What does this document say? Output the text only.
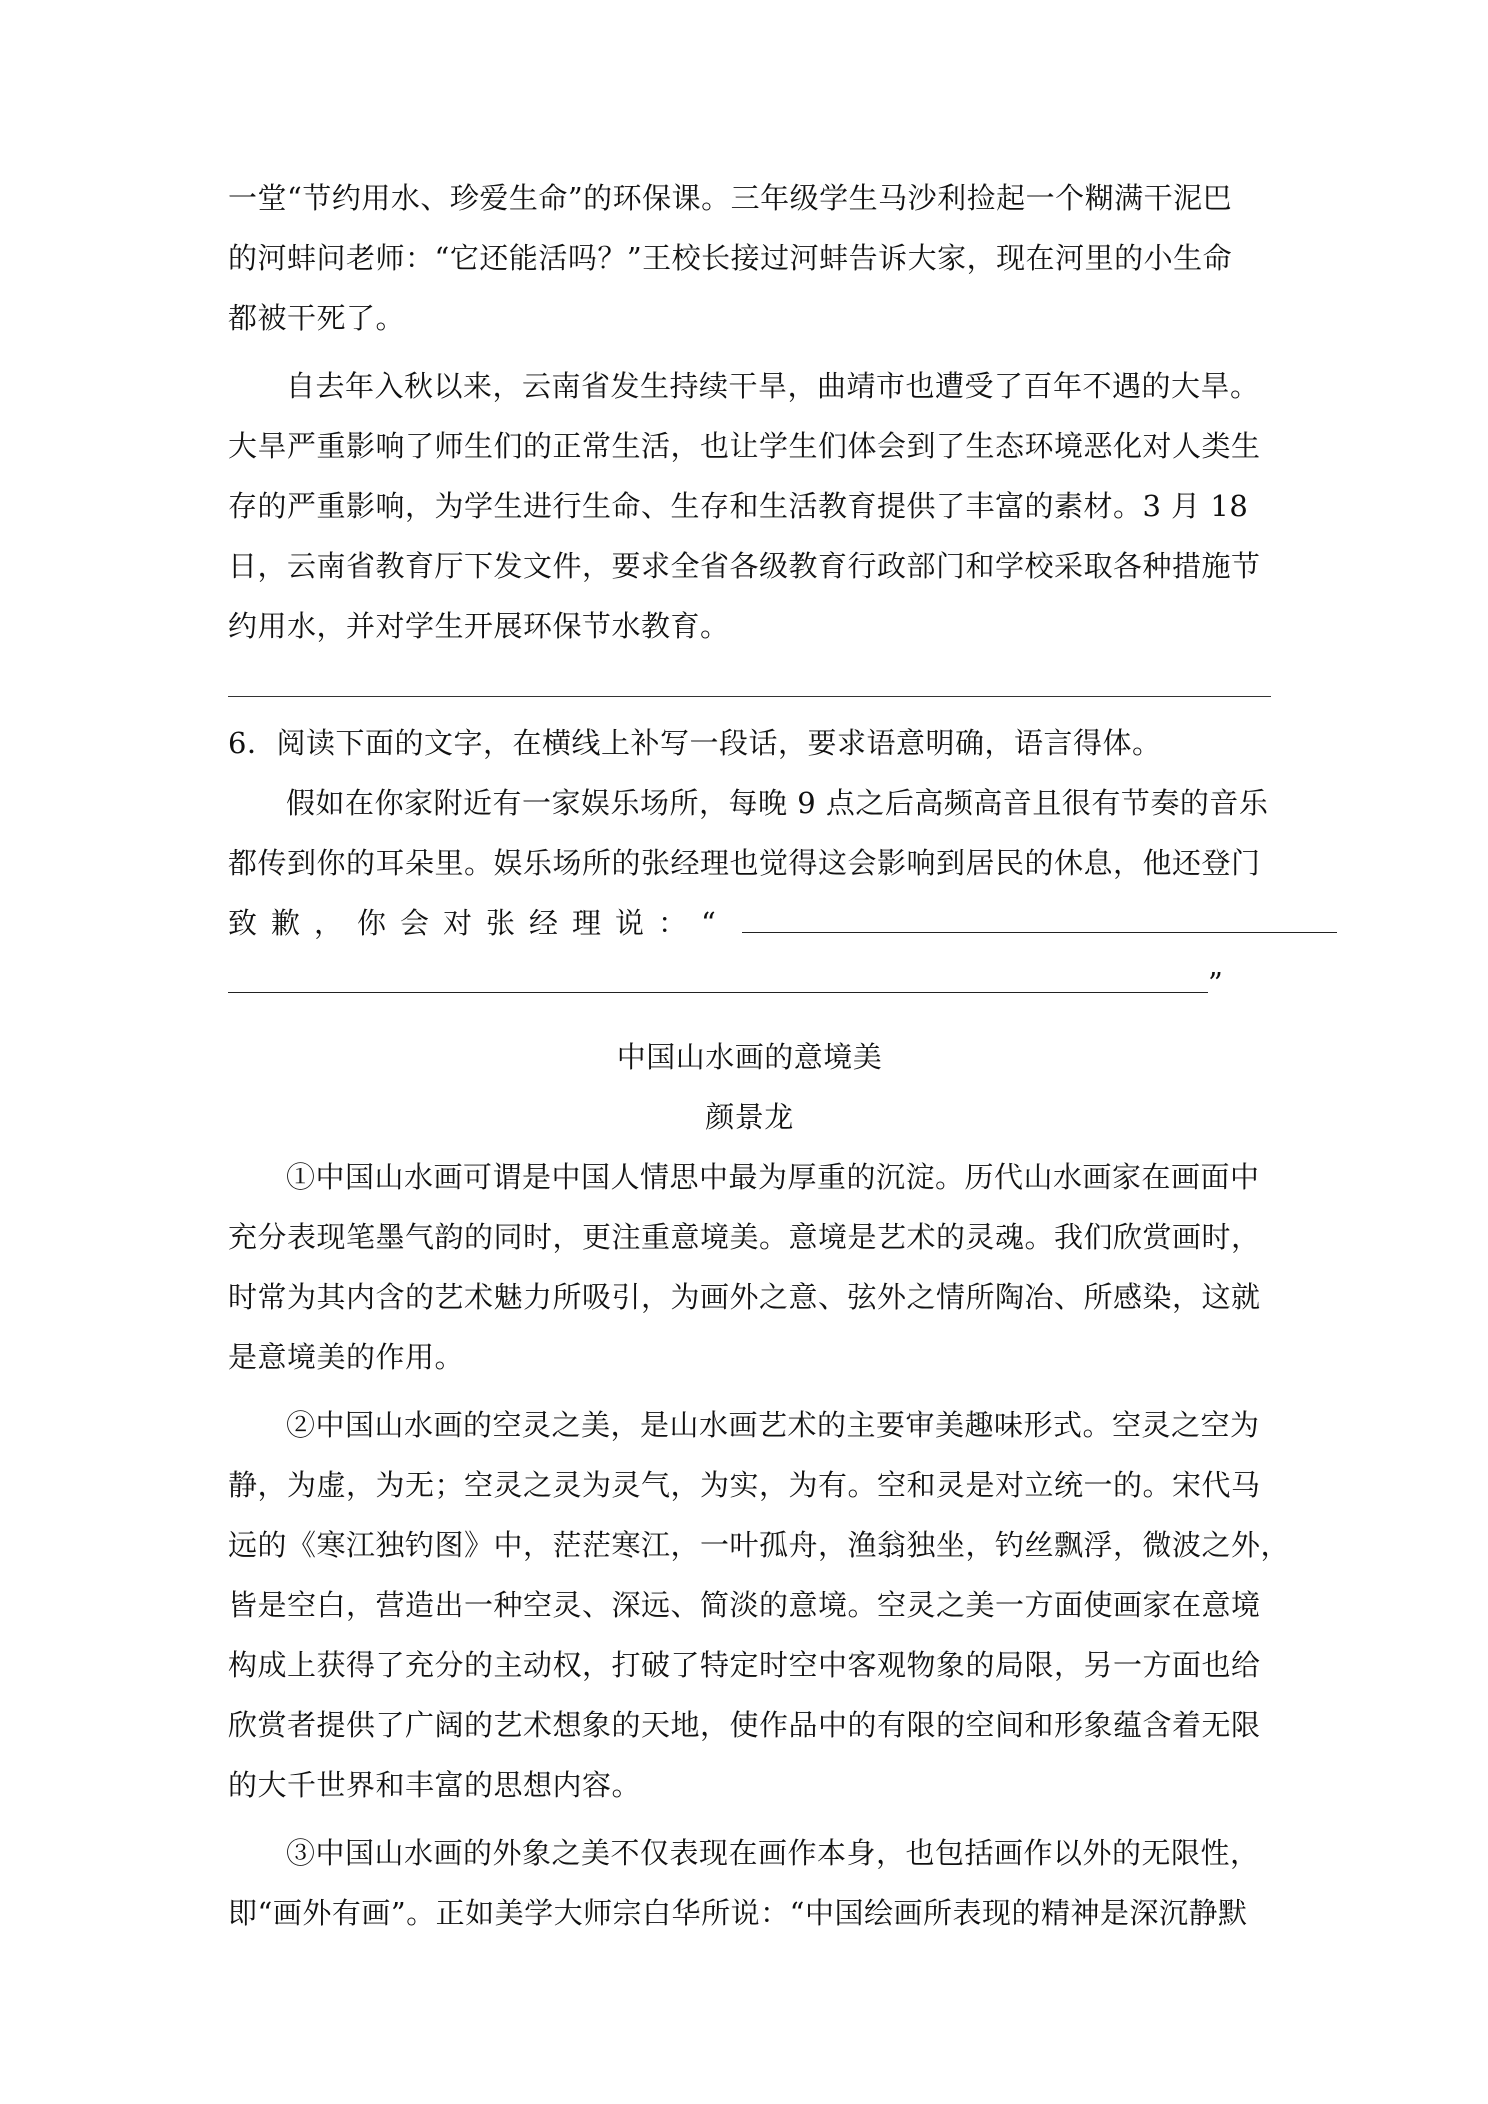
一堂“节约用水、珍爱生命”的环保课。三年级学生马沙利捡起一个糊满干泥巴

的河蚌问老师：“它还能活吗？”王校长接过河蚌告诉大家，现在河里的小生命

都被干死了。

自去年入秋以来，云南省发生持续干旱，曲靖市也遭受了百年不遇的大旱。

大旱严重影响了师生们的正常生活，也让学生们体会到了生态环境恶化对人类生

存的严重影响，为学生进行生命、生存和生活教育提供了丰富的素材。3 月 18

日，云南省教育厅下发文件，要求全省各级教育行政部门和学校采取各种措施节

约用水，并对学生开展环保节水教育。

6．阅读下面的文字，在横线上补写一段话，要求语意明确，语言得体。

假如在你家附近有一家娱乐场所，每晚 9 点之后高频高音且很有节奏的音乐

都传到你的耳朵里。娱乐场所的张经理也觉得这会影响到居民的休息，他还登门

致歉，你会对张经理说：“

”

中国山水画的意境美

颜景龙

①中国山水画可谓是中国人情思中最为厚重的沉淀。历代山水画家在画面中

充分表现笔墨气韵的同时，更注重意境美。意境是艺术的灵魂。我们欣赏画时，

时常为其内含的艺术魅力所吸引，为画外之意、弦外之情所陶冶、所感染，这就

是意境美的作用。

②中国山水画的空灵之美，是山水画艺术的主要审美趣味形式。空灵之空为

静，为虚，为无；空灵之灵为灵气，为实，为有。空和灵是对立统一的。宋代马

远的《寒江独钓图》中，茫茫寒江，一叶孤舟，渔翁独坐，钓丝飘浮，微波之外，

皆是空白，营造出一种空灵、深远、简淡的意境。空灵之美一方面使画家在意境

构成上获得了充分的主动权，打破了特定时空中客观物象的局限，另一方面也给

欣赏者提供了广阔的艺术想象的天地，使作品中的有限的空间和形象蕴含着无限

的大千世界和丰富的思想内容。

③中国山水画的外象之美不仅表现在画作本身，也包括画作以外的无限性，

即“画外有画”。正如美学大师宗白华所说：“中国绘画所表现的精神是深沉静默
